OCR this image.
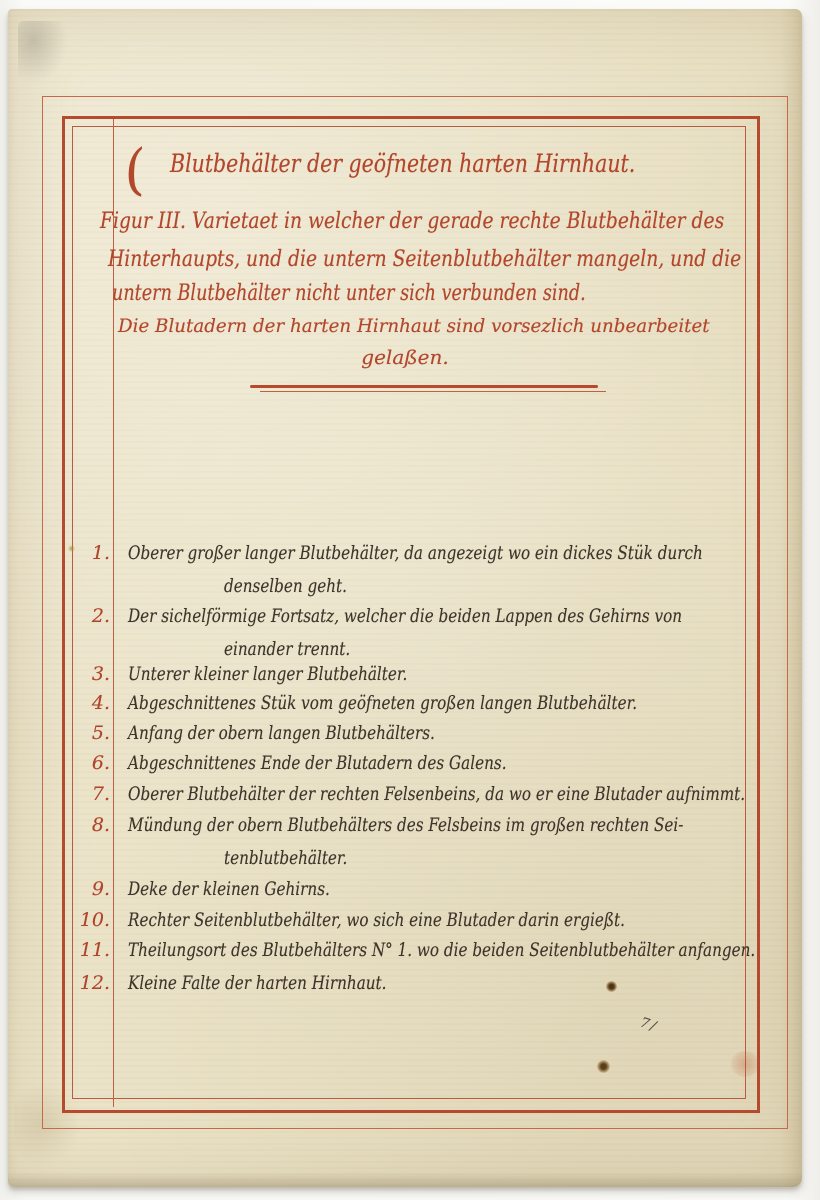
( Blutbehälter der geöfneten harten Hirnhaut.
Figur III. Varietaet in welcher der gerade rechte Blutbehälter des
Hinterhaupts, und die untern Seitenblutbehälter mangeln, und die
untern Blutbehälter nicht unter sich verbunden sind.
Die Blutadern der harten Hirnhaut sind vorsezlich unbearbeitet
gelaßen.
1. Oberer großer langer Blutbehälter, da angezeigt wo ein dickes Stük durch
denselben geht.
2. Der sichelförmige Fortsatz, welcher die beiden Lappen des Gehirns von
einander trennt.
3. Unterer kleiner langer Blutbehälter.
4. Abgeschnittenes Stük vom geöfneten großen langen Blutbehälter.
5. Anfang der obern langen Blutbehälters.
6. Abgeschnittenes Ende der Blutadern des Galens.
7. Oberer Blutbehälter der rechten Felsenbeins, da wo er eine Blutader aufnimmt.
8. Mündung der obern Blutbehälters des Felsbeins im großen rechten Sei-
tenblutbehälter.
9. Deke der kleinen Gehirns.
10. Rechter Seitenblutbehälter, wo sich eine Blutader darin ergießt.
11. Theilungsort des Blutbehälters N° 1. wo die beiden Seitenblutbehälter anfangen.
12. Kleine Falte der harten Hirnhaut.
7/
